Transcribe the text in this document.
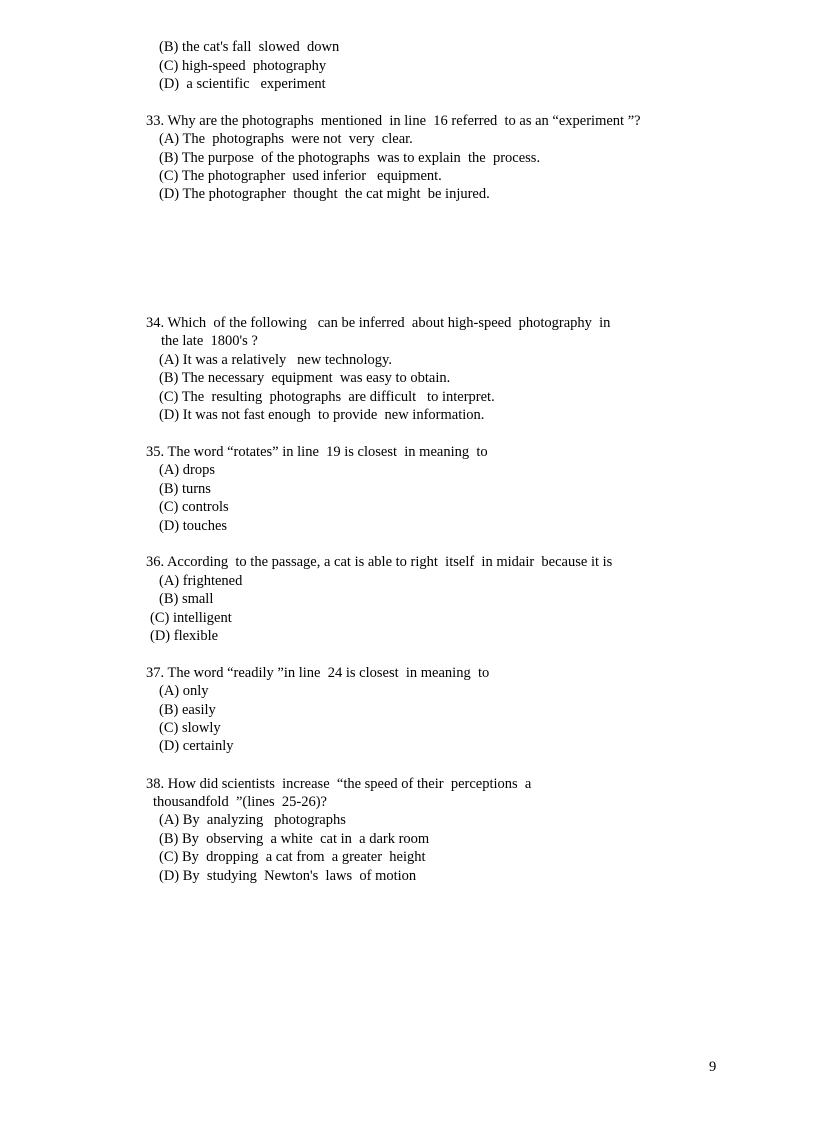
(B) the cat's fall  slowed  down
(C) high-speed  photography
(D)  a scientific   experiment
33. Why are the photographs  mentioned  in line  16 referred  to as an “experiment ”?
(A) The  photographs  were not  very  clear.
(B) The purpose  of the photographs  was to explain  the  process.
(C) The photographer  used inferior   equipment.
(D) The photographer  thought  the cat might  be injured.
34. Which  of the following   can be inferred  about high-speed  photography  in
the late  1800's ?
(A) It was a relatively   new technology.
(B) The necessary  equipment  was easy to obtain.
(C) The  resulting  photographs  are difficult   to interpret.
(D) It was not fast enough  to provide  new information.
35. The word “rotates” in line  19 is closest  in meaning  to
(A) drops
(B) turns
(C) controls
(D) touches
36. According  to the passage, a cat is able to right  itself  in midair  because it is
(A) frightened
(B) small
(C) intelligent
(D) flexible
37. The word “readily ”in line  24 is closest  in meaning  to
(A) only
(B) easily
(C) slowly
(D) certainly
38. How did scientists  increase  “the speed of their  perceptions  a
thousandfold  ”(lines  25-26)?
(A) By  analyzing   photographs
(B) By  observing  a white  cat in  a dark room
(C) By  dropping  a cat from  a greater  height
(D) By  studying  Newton's  laws  of motion
9
